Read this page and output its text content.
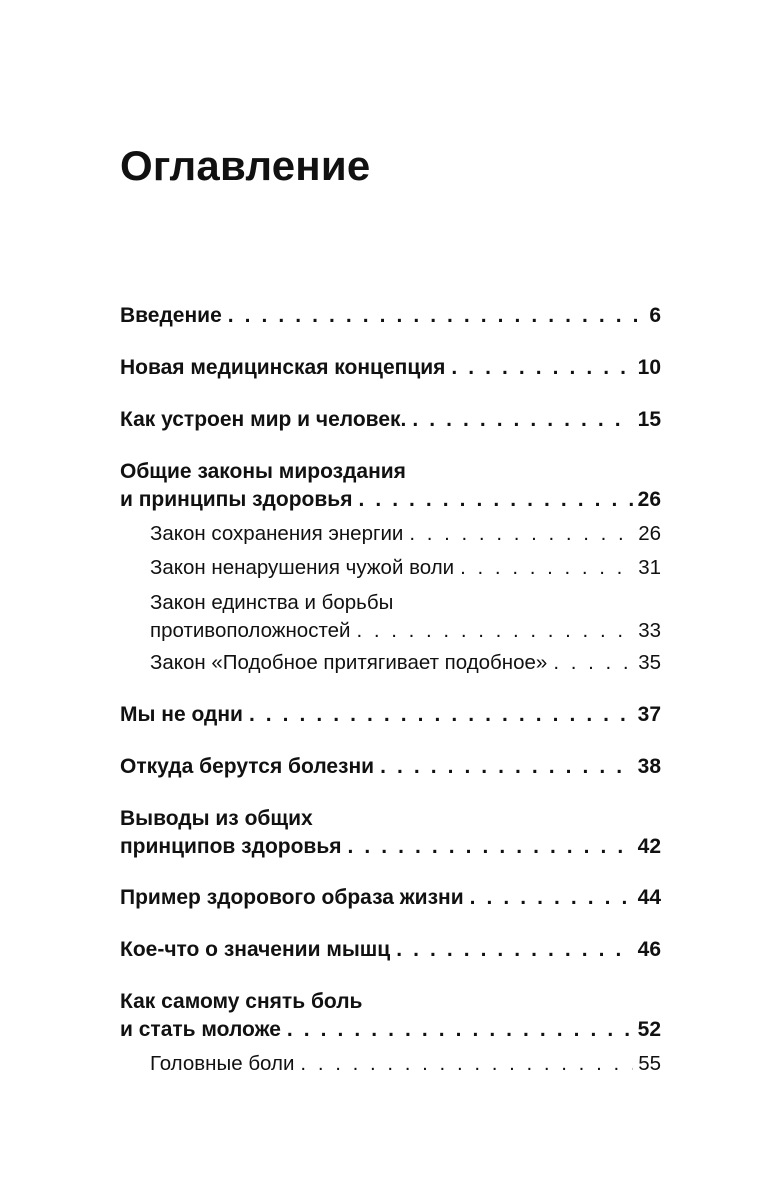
Оглавление
Введение . . .	6
Новая медицинская концепция . . .	10
Как устроен мир и человек. . . .	15
Общие законы мироздания
и принципы здоровья . . .	26
Закон сохранения энергии . . .	26
Закон ненарушения чужой воли . . .	31
Закон единства и борьбы
противоположностей . . .	33
Закон «Подобное притягивает подобное» . . .	35
Мы не одни . . .	37
Откуда берутся болезни . . .	38
Выводы из общих
принципов здоровья . . .	42
Пример здорового образа жизни . . .	44
Кое-что о значении мышц . . .	46
Как самому снять боль
и стать моложе . . .	52
Головные боли . . .	55
